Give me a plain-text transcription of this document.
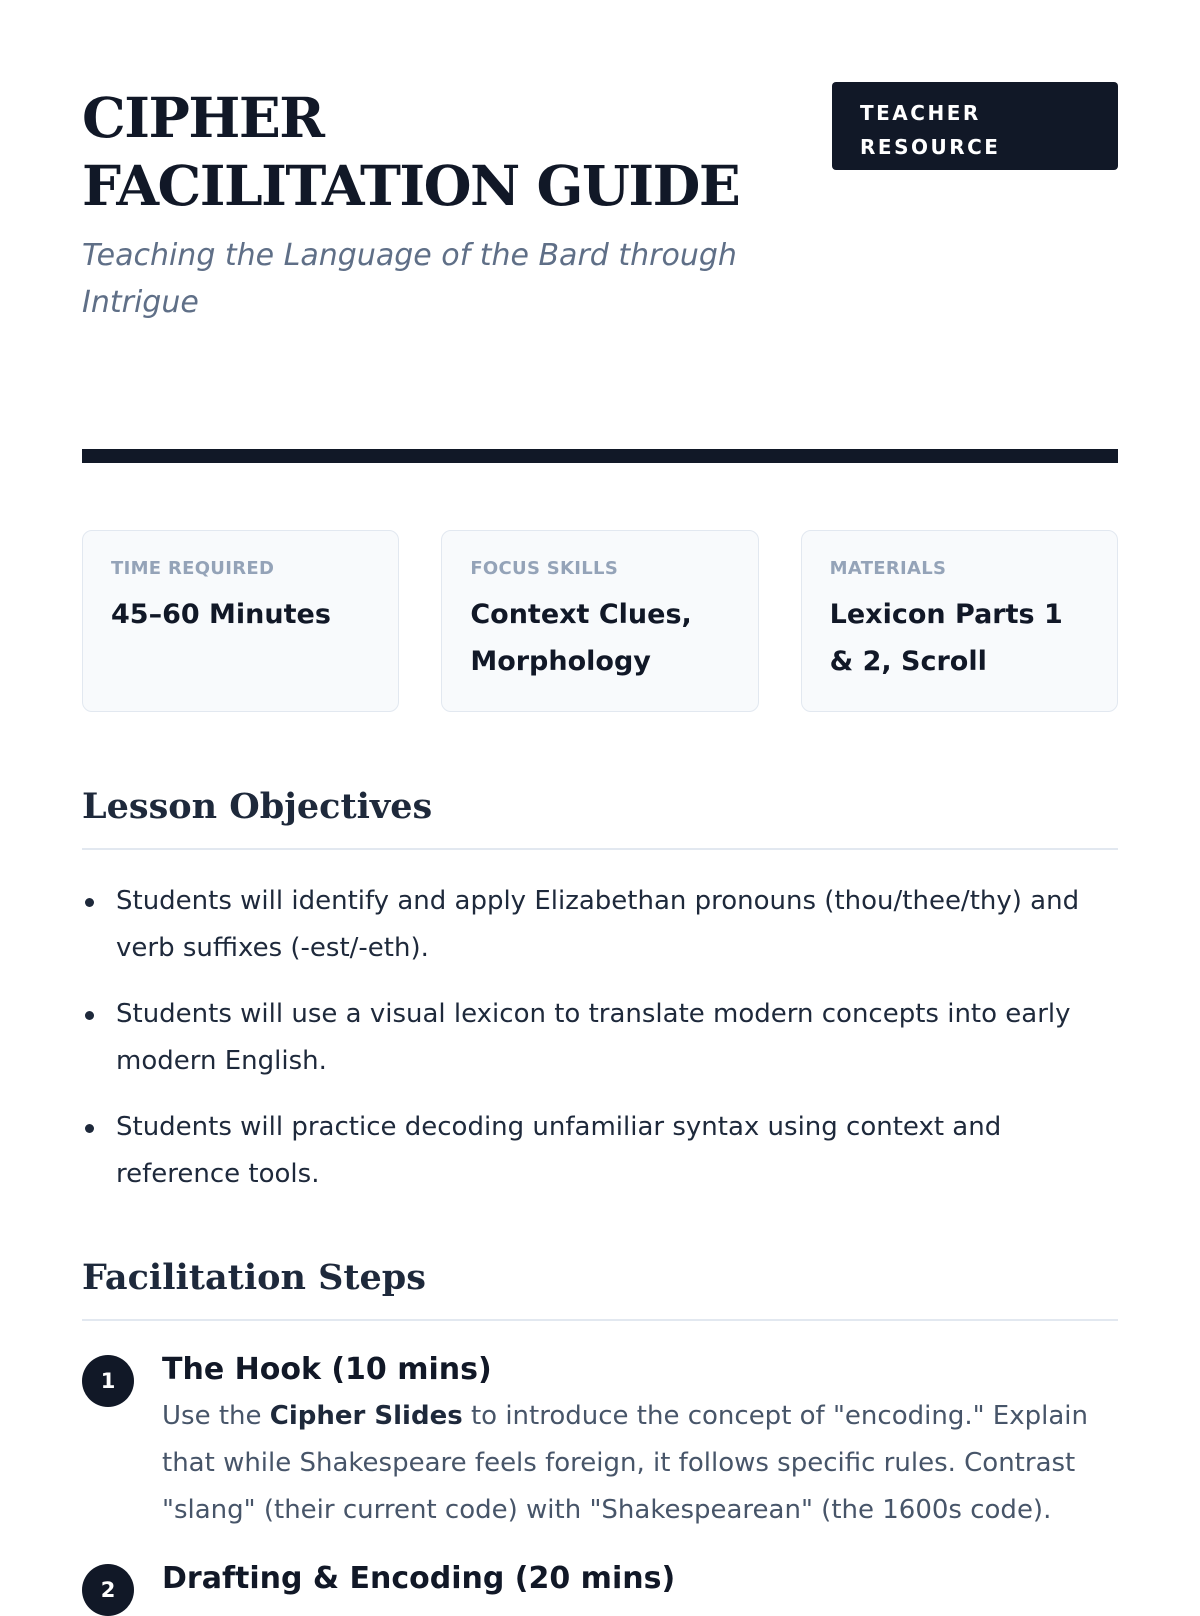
CIPHER FACILITATION GUIDE

Teaching the Language of the Bard through Intrigue

TEACHER RESOURCE
TIME REQUIRED
45–60 Minutes
FOCUS SKILLS
Context Clues, Morphology
MATERIALS
Lexicon Parts 1 & 2, Scroll
Lesson Objectives
Students will identify and apply Elizabethan pronouns (thou/thee/thy) and verb suffixes (-est/-eth).
Students will use a visual lexicon to translate modern concepts into early modern English.
Students will practice decoding unfamiliar syntax using context and reference tools.
Facilitation Steps
1	The Hook (10 mins)
Use the Cipher Slides to introduce the concept of "encoding." Explain that while Shakespeare feels foreign, it follows specific rules. Contrast "slang" (their current code) with "Shakespearean" (the 1600s code).
2	Drafting & Encoding (20 mins)
